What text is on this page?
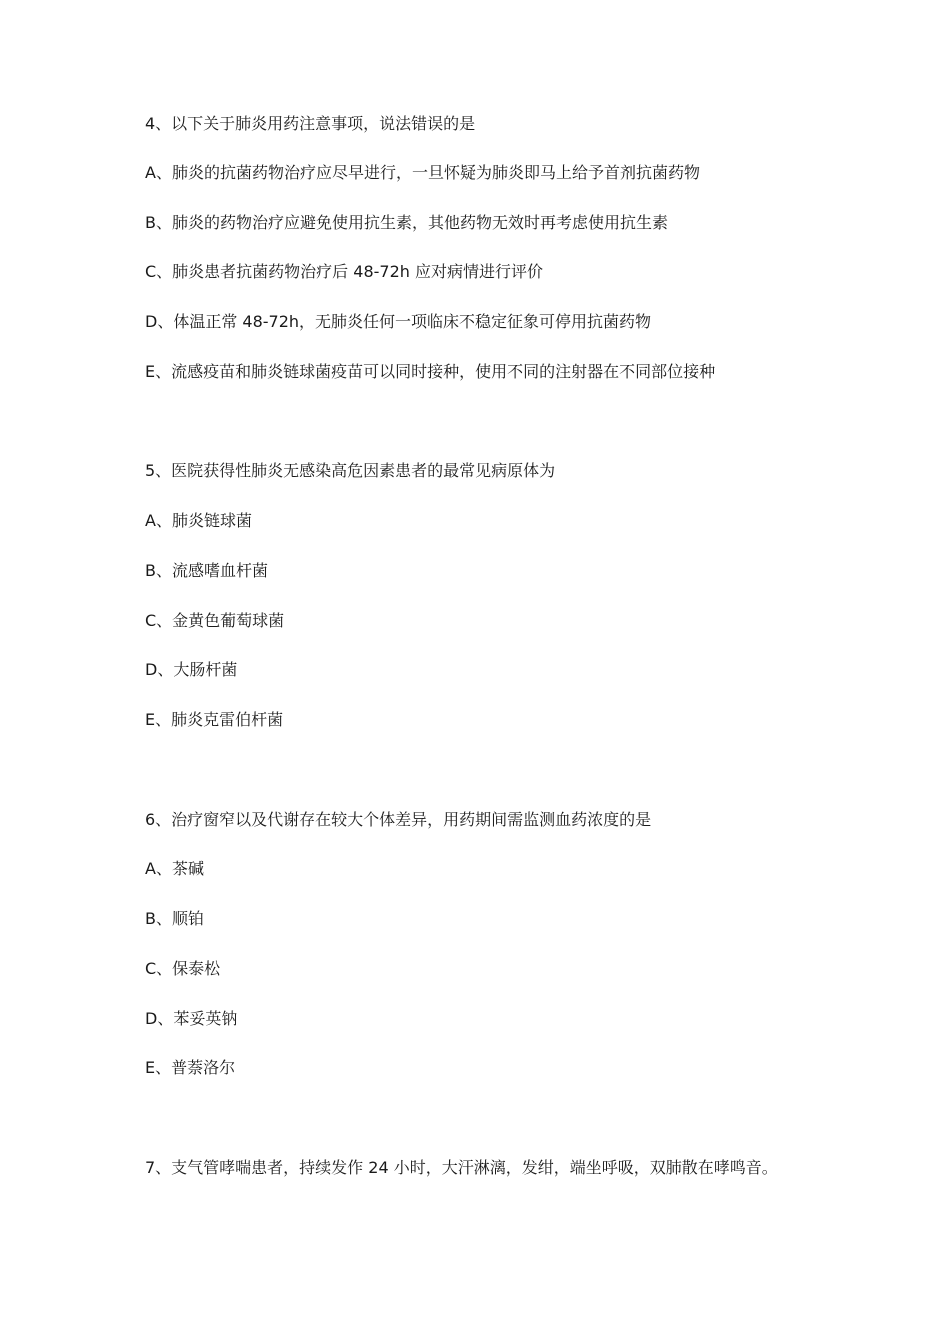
4、以下关于肺炎用药注意事项，说法错误的是
A、肺炎的抗菌药物治疗应尽早进行，一旦怀疑为肺炎即马上给予首剂抗菌药物
B、肺炎的药物治疗应避免使用抗生素，其他药物无效时再考虑使用抗生素
C、肺炎患者抗菌药物治疗后 48-72h 应对病情进行评价
D、体温正常 48-72h，无肺炎任何一项临床不稳定征象可停用抗菌药物
E、流感疫苗和肺炎链球菌疫苗可以同时接种，使用不同的注射器在不同部位接种
5、医院获得性肺炎无感染高危因素患者的最常见病原体为
A、肺炎链球菌
B、流感嗜血杆菌
C、金黄色葡萄球菌
D、大肠杆菌
E、肺炎克雷伯杆菌
6、治疗窗窄以及代谢存在较大个体差异，用药期间需监测血药浓度的是
A、茶碱
B、顺铂
C、保泰松
D、苯妥英钠
E、普萘洛尔
7、支气管哮喘患者，持续发作 24 小时，大汗淋漓，发绀，端坐呼吸，双肺散在哮鸣音。
